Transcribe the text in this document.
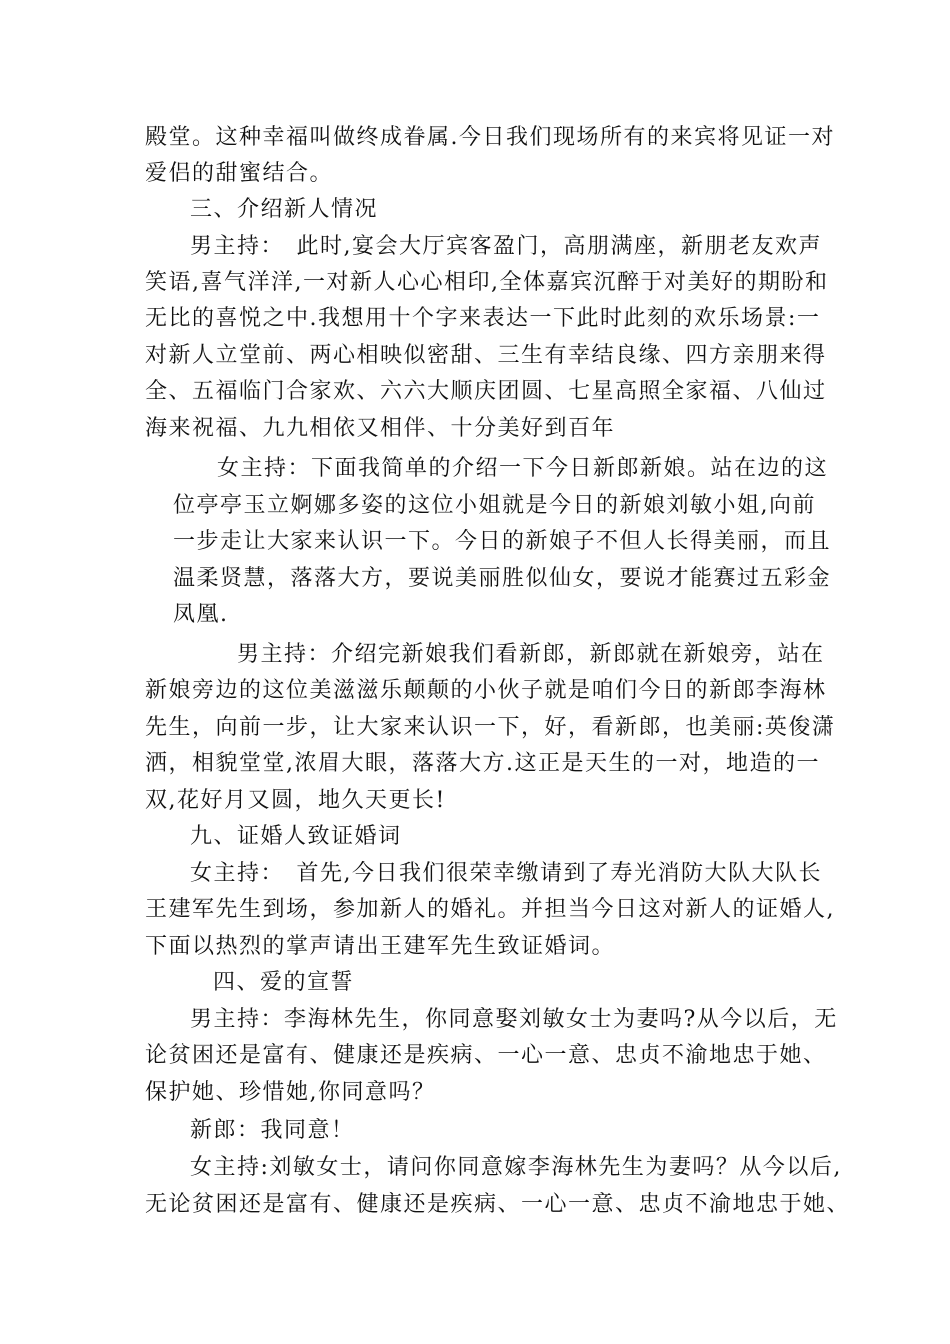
殿堂。这种幸福叫做终成眷属.今日我们现场所有的来宾将见证一对
爱侣的甜蜜结合。
三、介绍新人情况
男主持：　此时,宴会大厅宾客盈门，高朋满座，新朋老友欢声
笑语,喜气洋洋,一对新人心心相印,全体嘉宾沉醉于对美好的期盼和
无比的喜悦之中.我想用十个字来表达一下此时此刻的欢乐场景:一
对新人立堂前、两心相映似密甜、三生有幸结良缘、四方亲朋来得
全、五福临门合家欢、六六大顺庆团圆、七星高照全家福、八仙过
海来祝福、九九相依又相伴、十分美好到百年
女主持：下面我简单的介绍一下今日新郎新娘。站在边的这
位亭亭玉立婀娜多姿的这位小姐就是今日的新娘刘敏小姐,向前
一步走让大家来认识一下。今日的新娘子不但人长得美丽，而且
温柔贤慧，落落大方，要说美丽胜似仙女，要说才能赛过五彩金
凤凰.
男主持：介绍完新娘我们看新郎，新郎就在新娘旁，站在
新娘旁边的这位美滋滋乐颠颠的小伙子就是咱们今日的新郎李海林
先生，向前一步，让大家来认识一下，好，看新郎，也美丽:英俊潇
洒，相貌堂堂,浓眉大眼，落落大方.这正是天生的一对，地造的一
双,花好月又圆，地久天更长!
九、证婚人致证婚词
女主持：　首先,今日我们很荣幸缴请到了寿光消防大队大队长
王建军先生到场，参加新人的婚礼。并担当今日这对新人的证婚人,
下面以热烈的掌声请出王建军先生致证婚词。
四、爱的宣誓
男主持：李海林先生，你同意娶刘敏女士为妻吗?从今以后，无
论贫困还是富有、健康还是疾病、一心一意、忠贞不渝地忠于她、
保护她、珍惜她,你同意吗？
新郎：我同意！
女主持:刘敏女士，请问你同意嫁李海林先生为妻吗？从今以后,
无论贫困还是富有、健康还是疾病、一心一意、忠贞不渝地忠于她、
